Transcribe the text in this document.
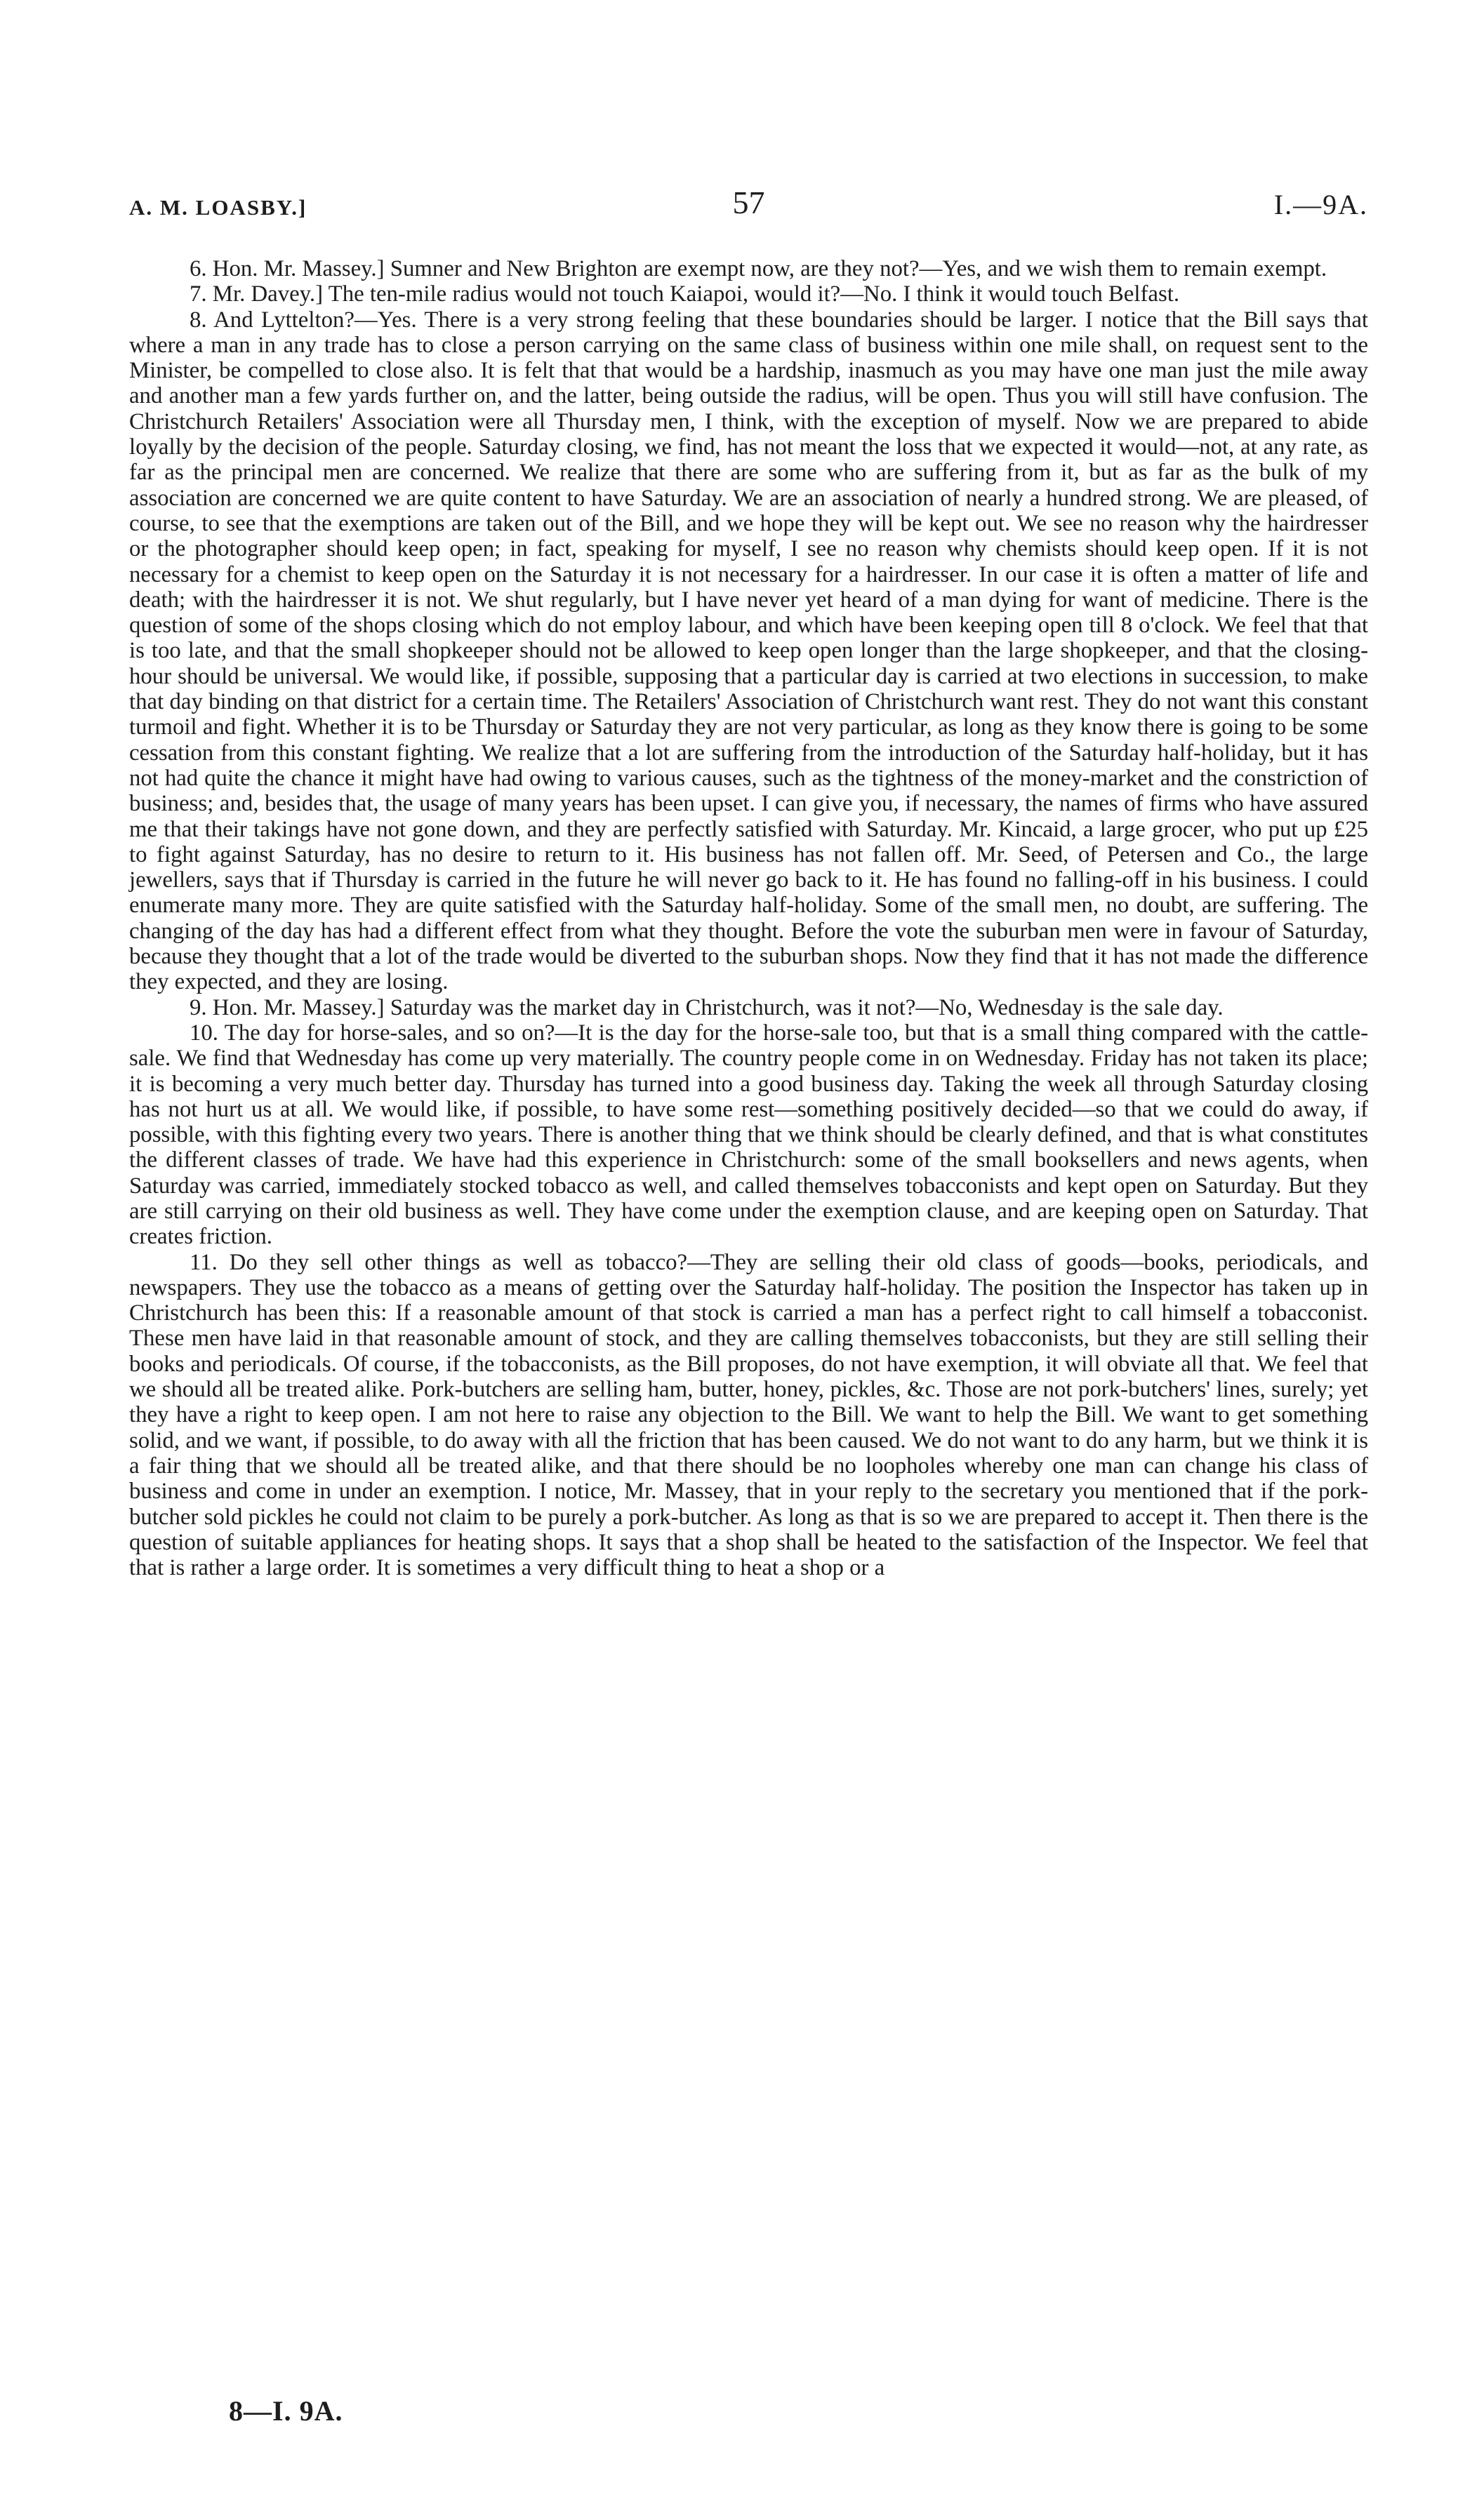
A. M. LOASBY.]	57	I.—9A.

6. Hon. Mr. Massey.] Sumner and New Brighton are exempt now, are they not?—Yes, and we wish them to remain exempt.

7. Mr. Davey.] The ten-mile radius would not touch Kaiapoi, would it?—No. I think it would touch Belfast.

8. And Lyttelton?—Yes. There is a very strong feeling that these boundaries should be larger. I notice that the Bill says that where a man in any trade has to close a person carrying on the same class of business within one mile shall, on request sent to the Minister, be compelled to close also. It is felt that that would be a hardship, inasmuch as you may have one man just the mile away and another man a few yards further on, and the latter, being outside the radius, will be open. Thus you will still have confusion. The Christchurch Retailers' Association were all Thursday men, I think, with the exception of myself. Now we are prepared to abide loyally by the decision of the people. Saturday closing, we find, has not meant the loss that we expected it would—not, at any rate, as far as the principal men are concerned. We realize that there are some who are suffering from it, but as far as the bulk of my association are concerned we are quite content to have Saturday. We are an association of nearly a hundred strong. We are pleased, of course, to see that the exemptions are taken out of the Bill, and we hope they will be kept out. We see no reason why the hairdresser or the photographer should keep open; in fact, speaking for myself, I see no reason why chemists should keep open. If it is not necessary for a chemist to keep open on the Saturday it is not necessary for a hairdresser. In our case it is often a matter of life and death; with the hairdresser it is not. We shut regularly, but I have never yet heard of a man dying for want of medicine. There is the question of some of the shops closing which do not employ labour, and which have been keeping open till 8 o'clock. We feel that that is too late, and that the small shopkeeper should not be allowed to keep open longer than the large shopkeeper, and that the closing-hour should be universal. We would like, if possible, supposing that a particular day is carried at two elections in succession, to make that day binding on that district for a certain time. The Retailers' Association of Christchurch want rest. They do not want this constant turmoil and fight. Whether it is to be Thursday or Saturday they are not very particular, as long as they know there is going to be some cessation from this constant fighting. We realize that a lot are suffering from the introduction of the Saturday half-holiday, but it has not had quite the chance it might have had owing to various causes, such as the tightness of the money-market and the constriction of business; and, besides that, the usage of many years has been upset. I can give you, if necessary, the names of firms who have assured me that their takings have not gone down, and they are perfectly satisfied with Saturday. Mr. Kincaid, a large grocer, who put up £25 to fight against Saturday, has no desire to return to it. His business has not fallen off. Mr. Seed, of Petersen and Co., the large jewellers, says that if Thursday is carried in the future he will never go back to it. He has found no falling-off in his business. I could enumerate many more. They are quite satisfied with the Saturday half-holiday. Some of the small men, no doubt, are suffering. The changing of the day has had a different effect from what they thought. Before the vote the suburban men were in favour of Saturday, because they thought that a lot of the trade would be diverted to the suburban shops. Now they find that it has not made the difference they expected, and they are losing.

9. Hon. Mr. Massey.] Saturday was the market day in Christchurch, was it not?—No, Wednesday is the sale day.

10. The day for horse-sales, and so on?—It is the day for the horse-sale too, but that is a small thing compared with the cattle-sale. We find that Wednesday has come up very materially. The country people come in on Wednesday. Friday has not taken its place; it is becoming a very much better day. Thursday has turned into a good business day. Taking the week all through Saturday closing has not hurt us at all. We would like, if possible, to have some rest—something positively decided—so that we could do away, if possible, with this fighting every two years. There is another thing that we think should be clearly defined, and that is what constitutes the different classes of trade. We have had this experience in Christchurch: some of the small booksellers and news agents, when Saturday was carried, immediately stocked tobacco as well, and called themselves tobacconists and kept open on Saturday. But they are still carrying on their old business as well. They have come under the exemption clause, and are keeping open on Saturday. That creates friction.

11. Do they sell other things as well as tobacco?—They are selling their old class of goods—books, periodicals, and newspapers. They use the tobacco as a means of getting over the Saturday half-holiday. The position the Inspector has taken up in Christchurch has been this: If a reasonable amount of that stock is carried a man has a perfect right to call himself a tobacconist. These men have laid in that reasonable amount of stock, and they are calling themselves tobacconists, but they are still selling their books and periodicals. Of course, if the tobacconists, as the Bill proposes, do not have exemption, it will obviate all that. We feel that we should all be treated alike. Pork-butchers are selling ham, butter, honey, pickles, &c. Those are not pork-butchers' lines, surely; yet they have a right to keep open. I am not here to raise any objection to the Bill. We want to help the Bill. We want to get something solid, and we want, if possible, to do away with all the friction that has been caused. We do not want to do any harm, but we think it is a fair thing that we should all be treated alike, and that there should be no loopholes whereby one man can change his class of business and come in under an exemption. I notice, Mr. Massey, that in your reply to the secretary you mentioned that if the pork-butcher sold pickles he could not claim to be purely a pork-butcher. As long as that is so we are prepared to accept it. Then there is the question of suitable appliances for heating shops. It says that a shop shall be heated to the satisfaction of the Inspector. We feel that that is rather a large order. It is sometimes a very difficult thing to heat a shop or a

8—I. 9A.
